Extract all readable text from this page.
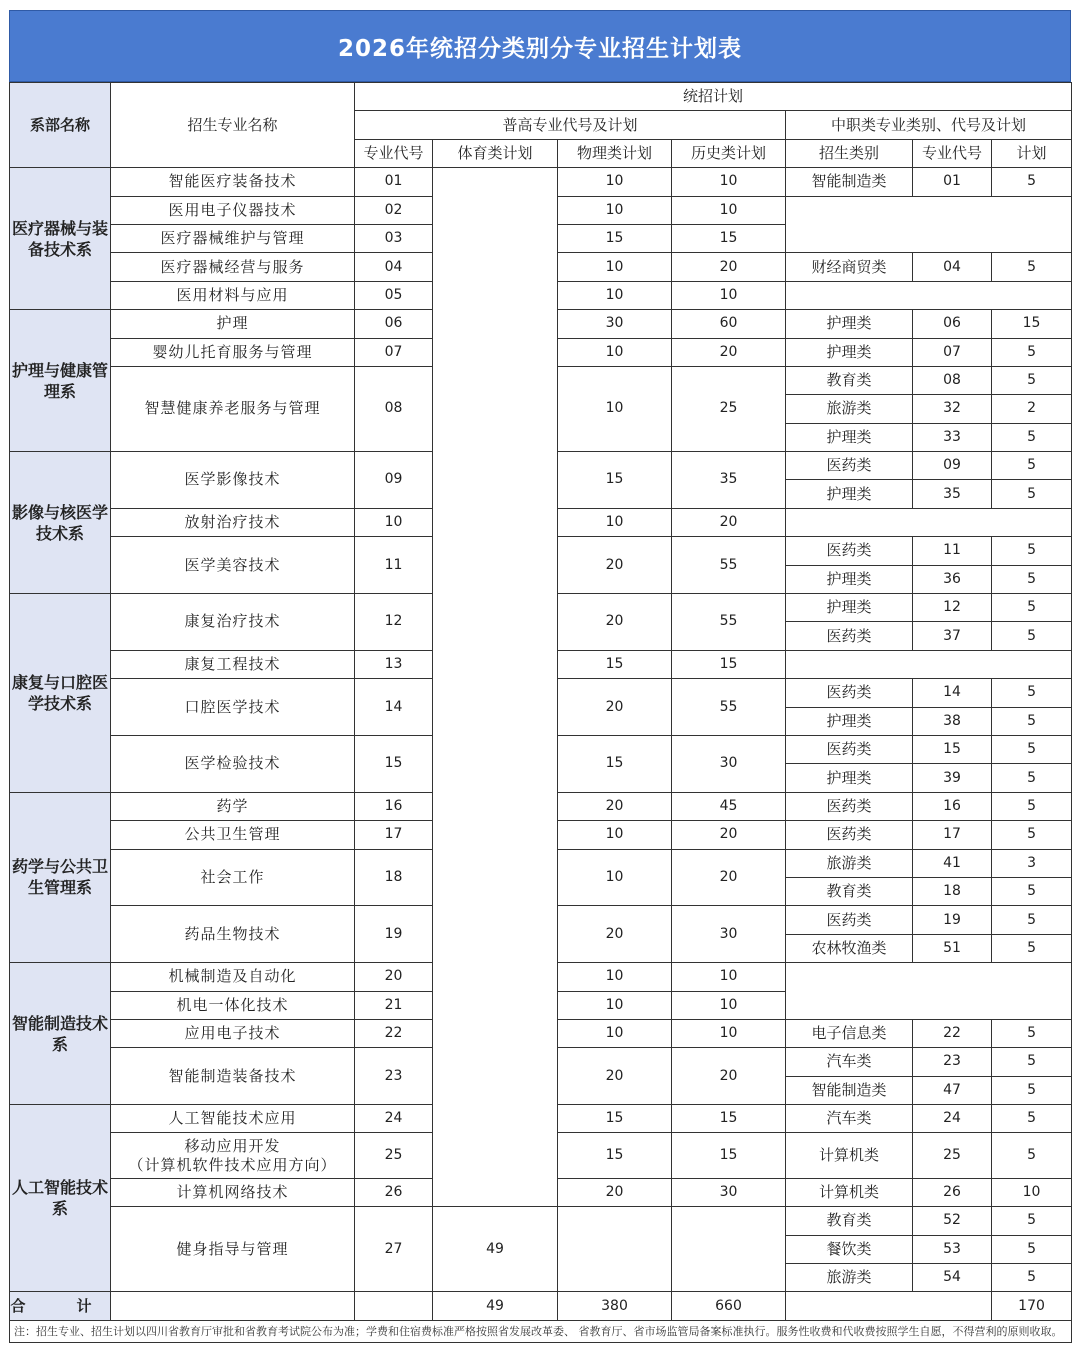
2026年统招分类别分专业招生计划表
系部名称	招生专业名称	统招计划						
		普高专业代号及计划				中职类专业类别、代号及计划		
		专业代号	体育类计划	物理类计划	历史类计划	招生类别	专业代号	计划
医疗器械与装备技术系	智能医疗装备技术	01		10	10	智能制造类	01	5

	医用电子仪器技术	02		10	10			

	医疗器械维护与管理	03		15	15			

	医疗器械经营与服务	04		10	20	财经商贸类	04	5

	医用材料与应用	05		10	10			
护理与健康管理系	护理	06		30	60	护理类	06	15

	婴幼儿托育服务与管理	07		10	20	护理类	07	5

	智慧健康养老服务与管理	08		10	25	教育类	08	5
						旅游类	32	2
						护理类	33	5
影像与核医学技术系	医学影像技术	09		15	35	医药类	09	5
						护理类	35	5

	放射治疗技术	10		10	20			

	医学美容技术	11		20	55	医药类	11	5
						护理类	36	5
康复与口腔医学技术系	康复治疗技术	12		20	55	护理类	12	5
						医药类	37	5

	康复工程技术	13		15	15			

	口腔医学技术	14		20	55	医药类	14	5
						护理类	38	5

	医学检验技术	15		15	30	医药类	15	5
						护理类	39	5
药学与公共卫生管理系	药学	16		20	45	医药类	16	5

	公共卫生管理	17		10	20	医药类	17	5

	社会工作	18		10	20	旅游类	41	3
						教育类	18	5

	药品生物技术	19		20	30	医药类	19	5
						农林牧渔类	51	5
智能制造技术系	机械制造及自动化	20		10	10			

	机电一体化技术	21		10	10			

	应用电子技术	22		10	10	电子信息类	22	5

	智能制造装备技术	23		20	20	汽车类	23	5
						智能制造类	47	5
人工智能技术系	人工智能技术应用	24		15	15	汽车类	24	5

	移动应用开发
（计算机软件技术应用方向）	25		15	15	计算机类	25	5

	计算机网络技术	26		20	30	计算机类	26	10

	健身指导与管理	27	49			教育类	52	5
						餐饮类	53	5
						旅游类	54	5
合　计			49	380	660			170
注：招生专业、招生计划以四川省教育厅审批和省教育考试院公布为准；学费和住宿费标准严格按照省发展改革委、 省教育厅、省市场监管局备案标准执行。服务性收费和代收费按照学生自愿，不得营利的原则收取。								
